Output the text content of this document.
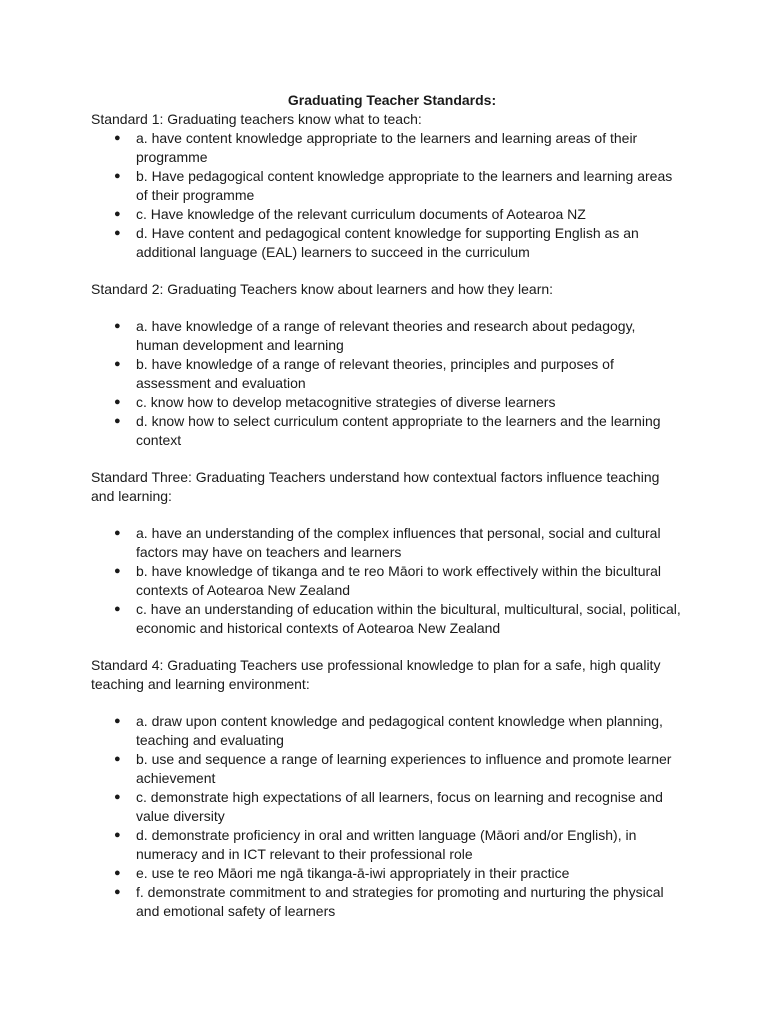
Graduating Teacher Standards:

Standard 1: Graduating teachers know what to teach:

● a. have content knowledge appropriate to the learners and learning areas of their programme
● b. Have pedagogical content knowledge appropriate to the learners and learning areas of their programme
● c. Have knowledge of the relevant curriculum documents of Aotearoa NZ
● d. Have content and pedagogical content knowledge for supporting English as an additional language (EAL) learners to succeed in the curriculum

Standard 2: Graduating Teachers know about learners and how they learn:

● a. have knowledge of a range of relevant theories and research about pedagogy, human development and learning
● b. have knowledge of a range of relevant theories, principles and purposes of assessment and evaluation
● c. know how to develop metacognitive strategies of diverse learners
● d. know how to select curriculum content appropriate to the learners and the learning context

Standard Three: Graduating Teachers understand how contextual factors influence teaching and learning:

● a. have an understanding of the complex influences that personal, social and cultural factors may have on teachers and learners
● b. have knowledge of tikanga and te reo Māori to work effectively within the bicultural contexts of Aotearoa New Zealand
● c. have an understanding of education within the bicultural, multicultural, social, political, economic and historical contexts of Aotearoa New Zealand

Standard 4: Graduating Teachers use professional knowledge to plan for a safe, high quality teaching and learning environment:

● a. draw upon content knowledge and pedagogical content knowledge when planning, teaching and evaluating
● b. use and sequence a range of learning experiences to influence and promote learner achievement
● c. demonstrate high expectations of all learners, focus on learning and recognise and value diversity
● d. demonstrate proficiency in oral and written language (Māori and/or English), in numeracy and in ICT relevant to their professional role
● e. use te reo Māori me ngā tikanga-ā-iwi appropriately in their practice
● f. demonstrate commitment to and strategies for promoting and nurturing the physical and emotional safety of learners
